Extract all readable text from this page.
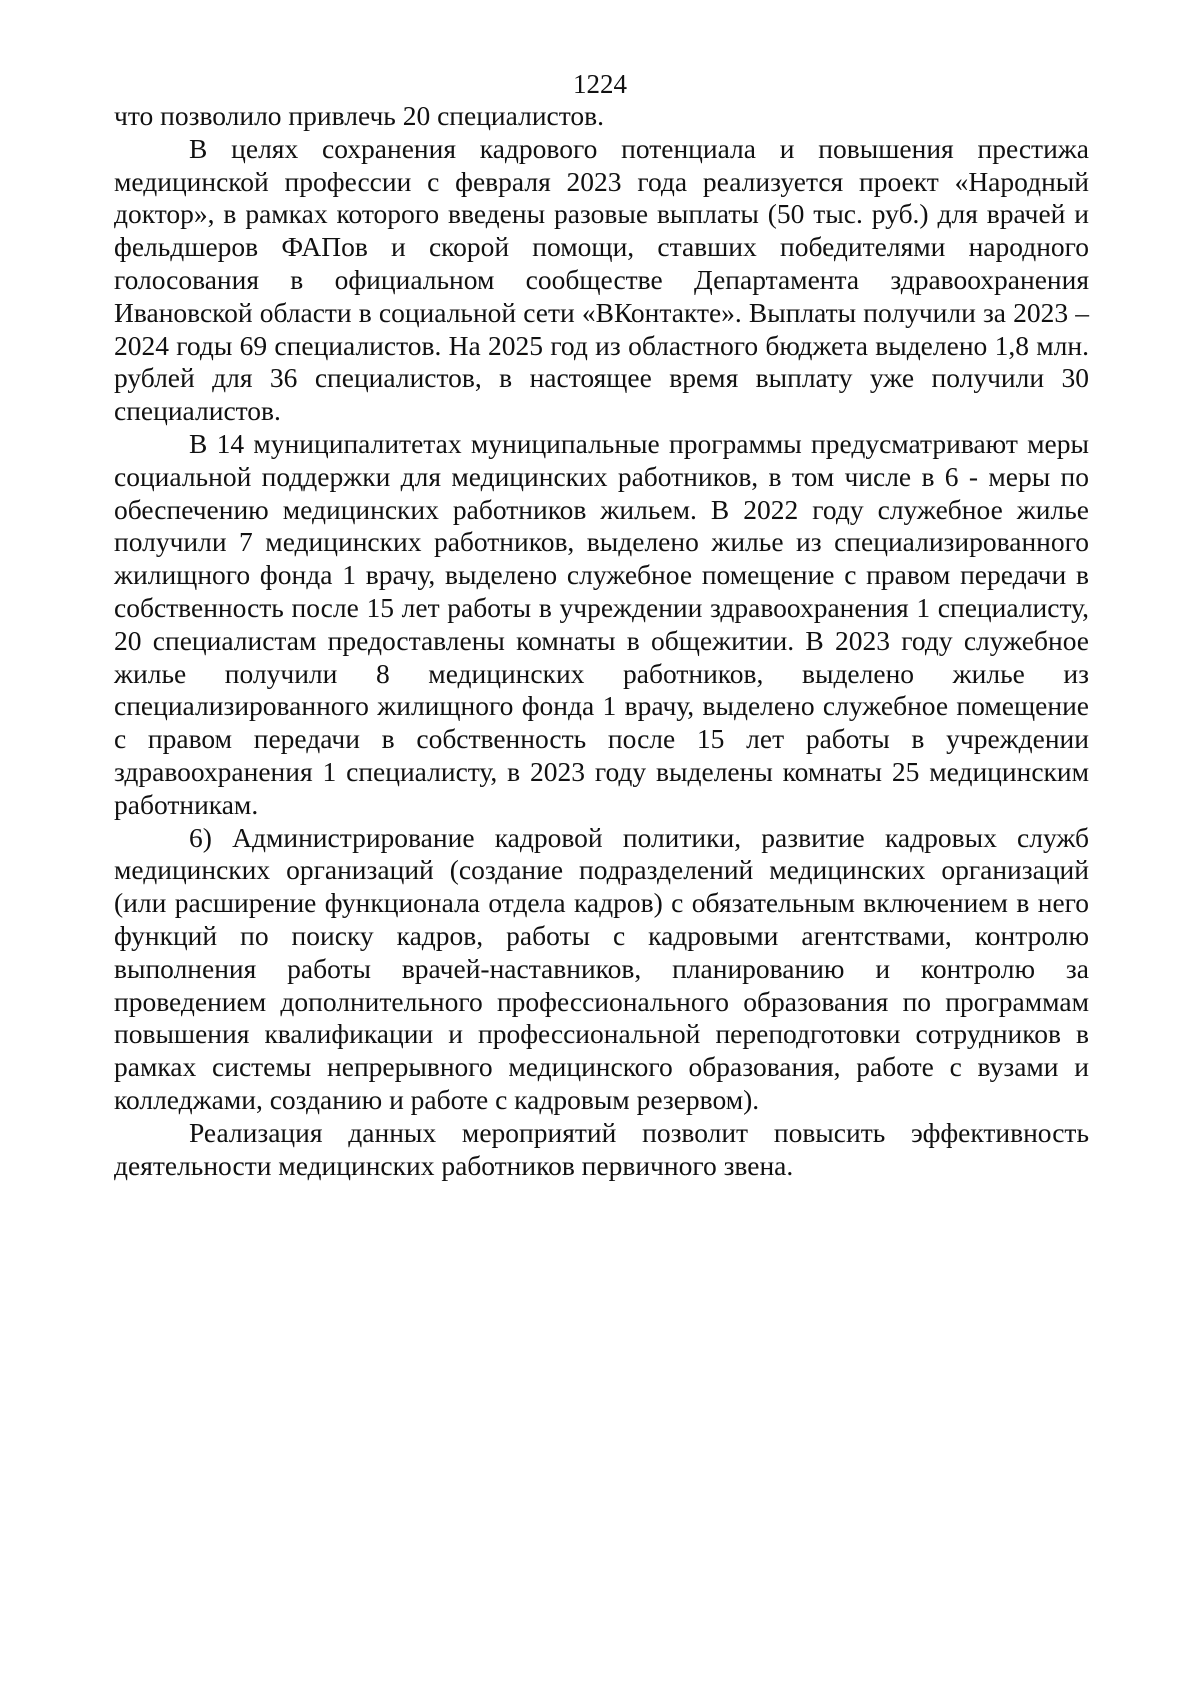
1224

что позволило привлечь 20 специалистов.

В целях сохранения кадрового потенциала и повышения престижа медицинской профессии с февраля 2023 года реализуется проект «Народный доктор», в рамках которого введены разовые выплаты (50 тыс. руб.) для врачей и фельдшеров ФАПов и скорой помощи, ставших победителями народного голосования в официальном сообществе Департамента здравоохранения Ивановской области в социальной сети «ВКонтакте». Выплаты получили за 2023 – 2024 годы 69 специалистов. На 2025 год из областного бюджета выделено 1,8 млн. рублей для 36 специалистов, в настоящее время выплату уже получили 30 специалистов.

В 14 муниципалитетах муниципальные программы предусматривают меры социальной поддержки для медицинских работников, в том числе в 6 - меры по обеспечению медицинских работников жильем. В 2022 году служебное жилье получили 7 медицинских работников, выделено жилье из специализированного жилищного фонда 1 врачу, выделено служебное помещение с правом передачи в собственность после 15 лет работы в учреждении здравоохранения 1 специалисту, 20 специалистам предоставлены комнаты в общежитии. В 2023 году служебное жилье получили 8 медицинских работников, выделено жилье из специализированного жилищного фонда 1 врачу, выделено служебное помещение с правом передачи в собственность после 15 лет работы в учреждении здравоохранения 1 специалисту, в 2023 году выделены комнаты 25 медицинским работникам.

6) Администрирование кадровой политики, развитие кадровых служб медицинских организаций (создание подразделений медицинских организаций (или расширение функционала отдела кадров) с обязательным включением в него функций по поиску кадров, работы с кадровыми агентствами, контролю выполнения работы врачей-наставников, планированию и контролю за проведением дополнительного профессионального образования по программам повышения квалификации и профессиональной переподготовки сотрудников в рамках системы непрерывного медицинского образования, работе с вузами и колледжами, созданию и работе с кадровым резервом).

Реализация данных мероприятий позволит повысить эффективность деятельности медицинских работников первичного звена.
